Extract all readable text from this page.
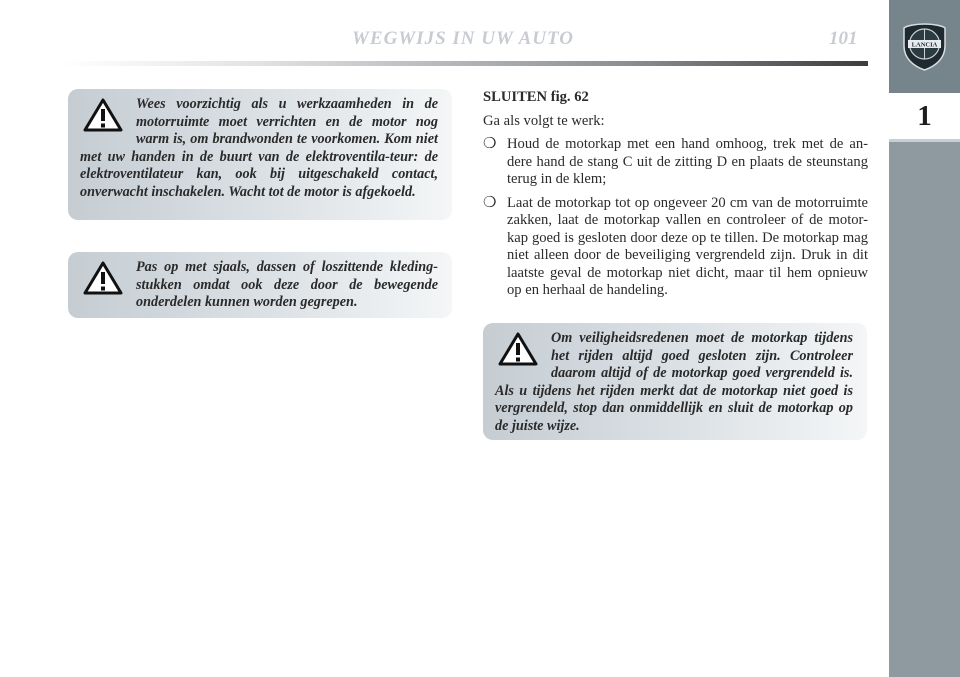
WEGWIJS IN UW AUTO	101	LANCIA
1

Wees voorzichtig als u werkzaamheden in de motorruimte moet verrichten en de motor nog warm is, om brandwonden te voorkomen. Kom niet met uw handen in de buurt van de elektroventila-teur: de elektroventilateur kan, ook bij uitgeschakeld contact, onverwacht inschakelen. Wacht tot de motor is afgekoeld.

Pas op met sjaals, dassen of loszittende kleding-stukken omdat ook deze door de bewegende onderdelen kunnen worden gegrepen.

SLUITEN fig. 62

Ga als volgt te werk:

❍ Houd de motorkap met een hand omhoog, trek met de an-dere hand de stang C uit de zitting D en plaats de steunstang terug in de klem;
❍ Laat de motorkap tot op ongeveer 20 cm van de motorruimte zakken, laat de motorkap vallen en controleer of de motor-kap goed is gesloten door deze op te tillen. De motorkap mag niet alleen door de beveiliging vergrendeld zijn. Druk in dit laatste geval de motorkap niet dicht, maar til hem opnieuw op en herhaal de handeling.

Om veiligheidsredenen moet de motorkap tijdens het rijden altijd goed gesloten zijn. Controleer daarom altijd of de motorkap goed vergrendeld is. Als u tijdens het rijden merkt dat de motorkap niet goed is vergrendeld, stop dan onmiddellijk en sluit de motorkap op de juiste wijze.
